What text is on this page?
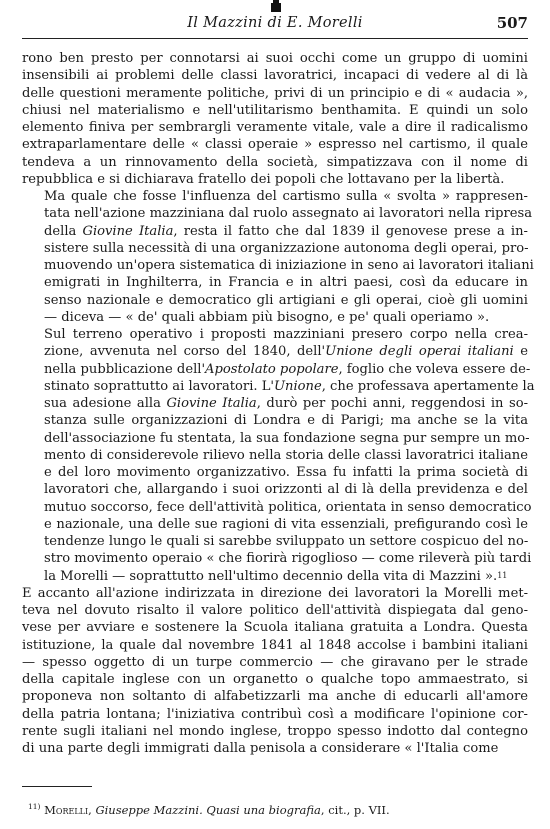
Il Mazzini di E. Morelli	507
rono ben presto per connotarsi ai suoi occhi come un gruppo di uomini
insensibili ai problemi delle classi lavoratrici, incapaci di vedere al di là
delle questioni meramente politiche, privi di un principio e di « audacia »,
chiusi nel materialismo e nell'utilitarismo benthamita. E quindi un solo
elemento finiva per sembrargli veramente vitale, vale a dire il radicalismo
extraparlamentare delle « classi operaie » espresso nel cartismo, il quale
tendeva a un rinnovamento della società, simpatizzava con il nome di
repubblica e si dichiarava fratello dei popoli che lottavano per la libertà.
Ma quale che fosse l'influenza del cartismo sulla « svolta » rappresen-
tata nell'azione mazziniana dal ruolo assegnato ai lavoratori nella ripresa
della Giovine Italia, resta il fatto che dal 1839 il genovese prese a in-
sistere sulla necessità di una organizzazione autonoma degli operai, pro-
muovendo un'opera sistematica di iniziazione in seno ai lavoratori italiani
emigrati in Inghilterra, in Francia e in altri paesi, così da educare in
senso nazionale e democratico gli artigiani e gli operai, cioè gli uomini
— diceva — « de' quali abbiam più bisogno, e pe' quali operiamo ».
Sul terreno operativo i proposti mazziniani presero corpo nella crea-
zione, avvenuta nel corso del 1840, dell'Unione degli operai italiani e
nella pubblicazione dell'Apostolato popolare, foglio che voleva essere de-
stinato soprattutto ai lavoratori. L'Unione, che professava apertamente la
sua adesione alla Giovine Italia, durò per pochi anni, reggendosi in so-
stanza sulle organizzazioni di Londra e di Parigi; ma anche se la vita
dell'associazione fu stentata, la sua fondazione segna pur sempre un mo-
mento di considerevole rilievo nella storia delle classi lavoratrici italiane
e del loro movimento organizzativo. Essa fu infatti la prima società di
lavoratori che, allargando i suoi orizzonti al di là della previdenza e del
mutuo soccorso, fece dell'attività politica, orientata in senso democratico
e nazionale, una delle sue ragioni di vita essenziali, prefigurando così le
tendenze lungo le quali si sarebbe sviluppato un settore cospicuo del no-
stro movimento operaio « che fiorirà rigoglioso — come rileverà più tardi
la Morelli — soprattutto nell'ultimo decennio della vita di Mazzini ».$^{11}$
E accanto all'azione indirizzata in direzione dei lavoratori la Morelli met-
teva nel dovuto risalto il valore politico dell'attività dispiegata dal geno-
vese per avviare e sostenere la Scuola italiana gratuita a Londra. Questa
istituzione, la quale dal novembre 1841 al 1848 accolse i bambini italiani
— spesso oggetto di un turpe commercio — che giravano per le strade
della capitale inglese con un organetto o qualche topo ammaestrato, si
proponeva non soltanto di alfabetizzarli ma anche di educarli all'amore
della patria lontana; l'iniziativa contribuì così a modificare l'opinione cor-
rente sugli italiani nel mondo inglese, troppo spesso indotto dal contegno
di una parte degli immigrati dalla penisola a considerare « l'Italia come
$^{11)}$ Morelli, Giuseppe Mazzini. Quasi una biografia, cit., p. VII.
